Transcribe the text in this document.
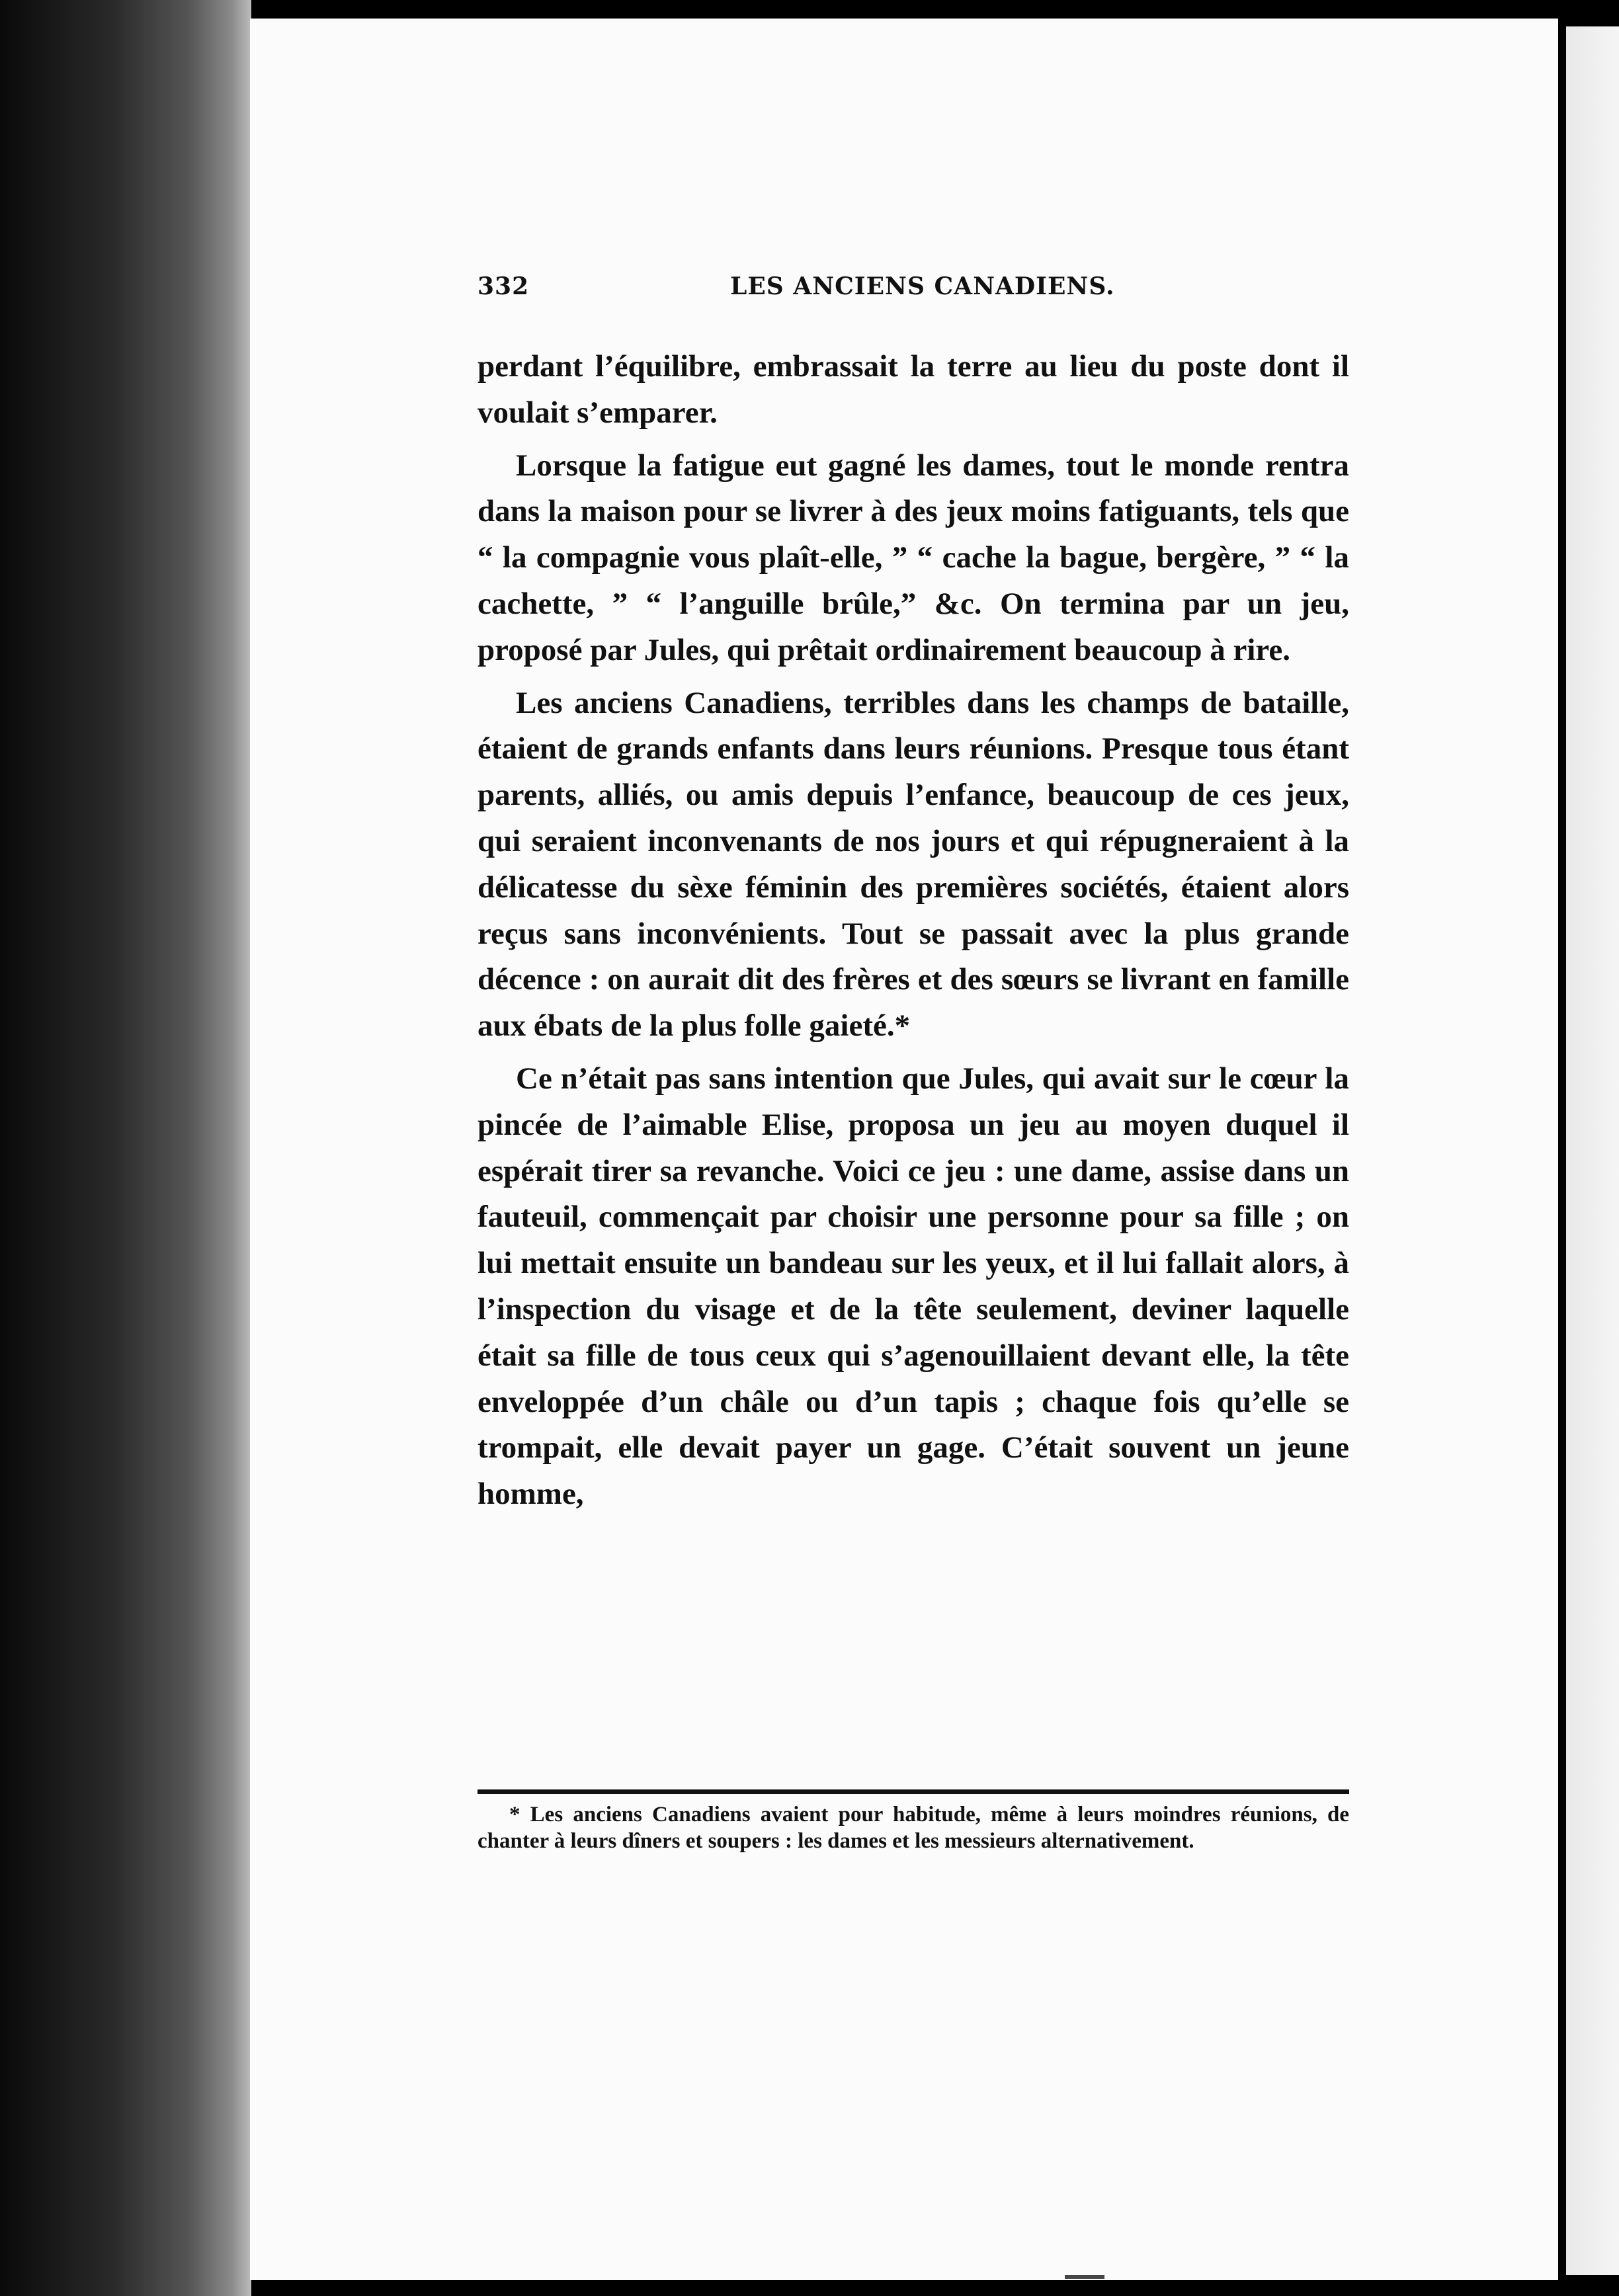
332	LES ANCIENS CANADIENS.

perdant l’équilibre, embrassait la terre au lieu du poste dont il voulait s’emparer.

Lorsque la fatigue eut gagné les dames, tout le monde rentra dans la maison pour se livrer à des jeux moins fatiguants, tels que “ la compagnie vous plaît-elle, ” “ cache la bague, bergère, ” “ la cachette, ” “ l’anguille brûle,” &c. On termina par un jeu, proposé par Jules, qui prêtait ordinairement beaucoup à rire.

Les anciens Canadiens, terribles dans les champs de bataille, étaient de grands enfants dans leurs réunions. Presque tous étant parents, alliés, ou amis depuis l’enfance, beaucoup de ces jeux, qui seraient inconvenants de nos jours et qui répugneraient à la délicatesse du sèxe féminin des premières sociétés, étaient alors reçus sans inconvénients. Tout se passait avec la plus grande décence : on aurait dit des frères et des sœurs se livrant en famille aux ébats de la plus folle gaieté.*

Ce n’était pas sans intention que Jules, qui avait sur le cœur la pincée de l’aimable Elise, proposa un jeu au moyen duquel il espérait tirer sa revanche. Voici ce jeu : une dame, assise dans un fauteuil, commençait par choisir une personne pour sa fille ; on lui mettait ensuite un bandeau sur les yeux, et il lui fallait alors, à l’inspection du visage et de la tête seulement, deviner laquelle était sa fille de tous ceux qui s’agenouillaient devant elle, la tête enveloppée d’un châle ou d’un tapis ; chaque fois qu’elle se trompait, elle devait payer un gage. C’était souvent un jeune homme,

* Les anciens Canadiens avaient pour habitude, même à leurs moindres réunions, de chanter à leurs dîners et soupers : les dames et les messieurs alternativement.
